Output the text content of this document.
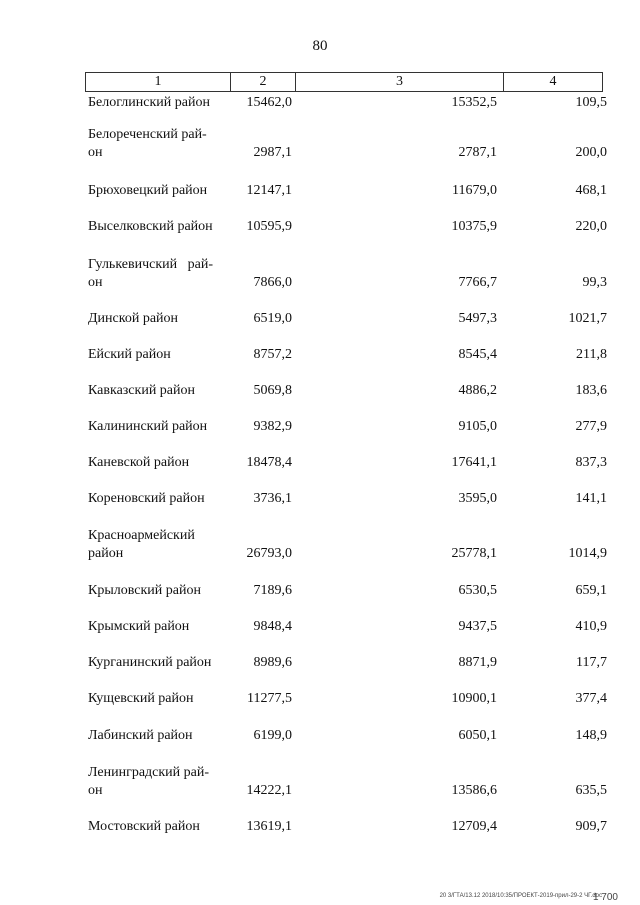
80
1	2	3	4
Белоглинский район	15462,0	15352,5	109,5
Белореченский рай-
он	2987,1	2787,1	200,0
Брюховецкий район	12147,1	11679,0	468,1
Выселковский район	10595,9	10375,9	220,0
Гулькевичский   рай-
он	7866,0	7766,7	99,3
Динской район	6519,0	5497,3	1021,7
Ейский район	8757,2	8545,4	211,8
Кавказский район	5069,8	4886,2	183,6
Калининский район	9382,9	9105,0	277,9
Каневской район	18478,4	17641,1	837,3
Кореновский район	3736,1	3595,0	141,1
Красноармейский
район	26793,0	25778,1	1014,9
Крыловский район	7189,6	6530,5	659,1
Крымский район	9848,4	9437,5	410,9
Курганинский район	8989,6	8871,9	117,7
Кущевский район	11277,5	10900,1	377,4
Лабинский район	6199,0	6050,1	148,9
Ленинградский рай-
он	14222,1	13586,6	635,5
Мостовский район	13619,1	12709,4	909,7
20 3/ГТА/13.12 2018/10:35/ПРОЕКТ-2019-прил-29-2 ЧГ.doc
1 700
